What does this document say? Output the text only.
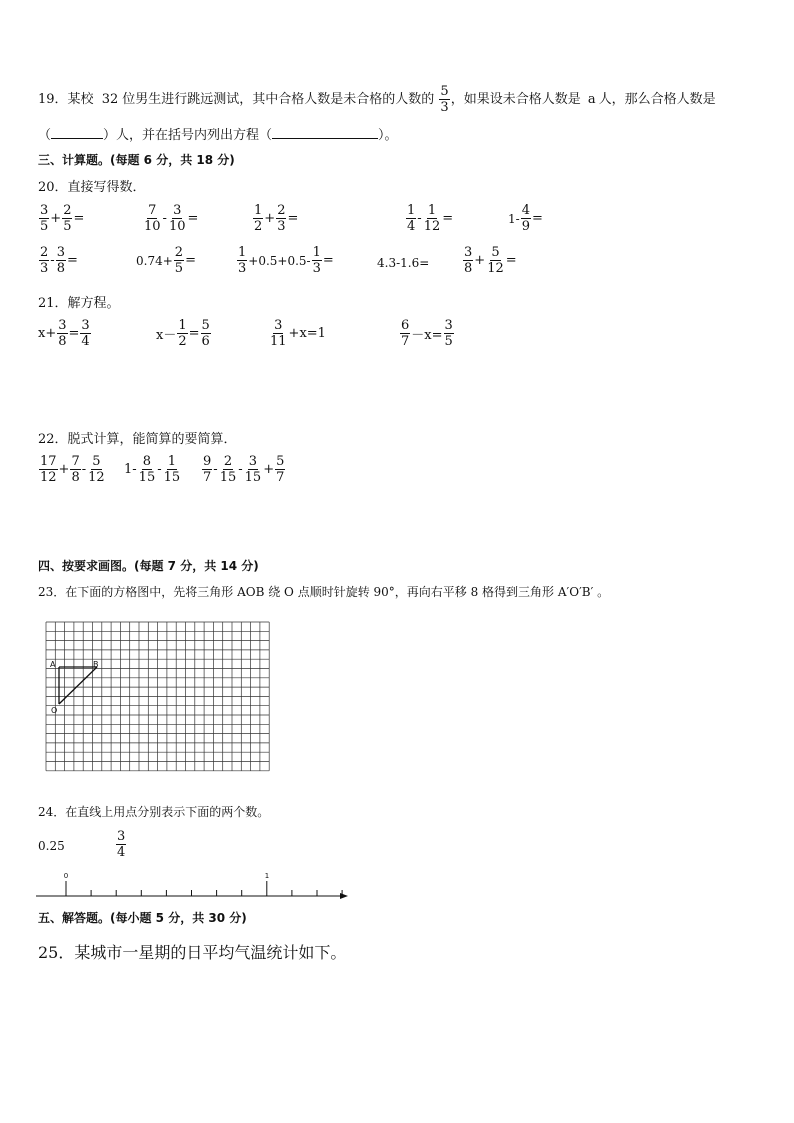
19．某校 32 位男生进行跳远测试，其中合格人数是未合格的人数的 $\frac{5}{3}$ ，如果设未合格人数是 a 人，那么合格人数是
（	）人，并在括号内列出方程（	）。
三、计算题。(每题 6 分，共 18 分)
20．直接写得数．
$\frac{3}{5} + \frac{2}{5}$ =	$\frac{7}{10} - \frac{3}{10}$ =	$\frac{1}{2} + \frac{2}{3}$ =	$\frac{1}{4} - \frac{1}{12}$ =	$1- \frac{4}{9}$ =
$\frac{2}{3} - \frac{3}{8}$ =	$0.74+ \frac{2}{5}$ =	$\frac{1}{3} +0.5+0.5- \frac{1}{3}$ =	4.3-1.6=	$\frac{3}{8} + \frac{5}{12}$ =
21．解方程。
$x+ \frac{3}{8} = \frac{3}{4}$	$x- \frac{1}{2} = \frac{5}{6}$	$\frac{3}{11} +x=1$	$\frac{6}{7} -x= \frac{3}{5}$
22．脱式计算，能简算的要简算．
$\frac{17}{12} + \frac{7}{8} - \frac{5}{12} 1- \frac{8}{15} - \frac{1}{15} \frac{9}{7} - \frac{2}{15} - \frac{3}{15} + \frac{5}{7}$
四、按要求画图。(每题 7 分，共 14 分)
23．在下面的方格图中，先将三角形 AOB 绕 O 点顺时针旋转 90°，再向右平移 8 格得到三角形 A′O′B′ 。
A	B
O
24．在直线上用点分别表示下面的两个数。
0.25	$\frac{3}{4}$
0	1
五、解答题。(每小题 5 分，共 30 分)
25．某城市一星期的日平均气温统计如下。
